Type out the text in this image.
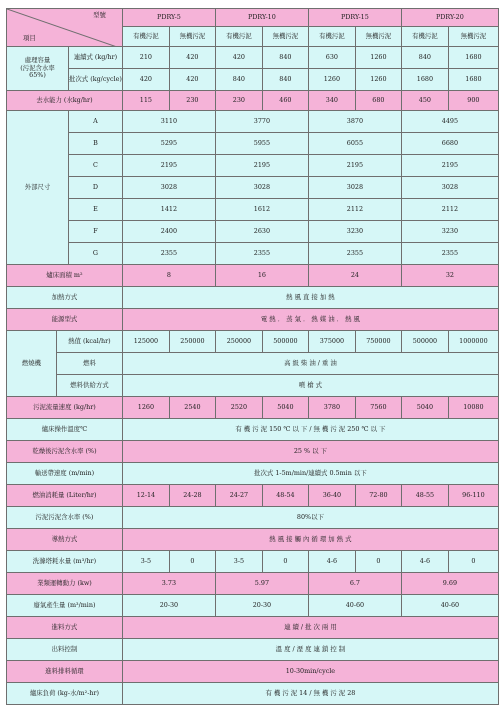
型號
項目			PDRY-5		PDRY-10		PDRY-15		PDRY-20	
			有機污泥	無機污泥	有機污泥	無機污泥	有機污泥	無機污泥	有機污泥	無機污泥
處理容量
(污泥含水率
65%)		連續式 (kg/hr)	210	420	420	840	630	1260	840	1680
		批次式 (kg/cycle)	420	420	840	840	1260	1260	1680	1680
去水能力 (水kg/hr)			115	230	230	460	340	680	450	900
外部尺寸		A	3110		3770		3870		4495	
		B	5295		5955		6055		6680	
		C	2195		2195		2195		2195	
		D	3028		3028		3028		3028	
		E	1412		1612		2112		2112	
		F	2400		2630		3230		3230	
		G	2355		2355		2355		2355	
爐床面積 m²			8		16		24		32	
加熱方式			熱 風 直 接 加 熱							
能源型式			電 熱 ． 蒸 氣 ． 熱 媒 油 ． 熱 風							
燃燒機	熱值 (kcal/hr)		125000	250000	250000	500000	375000	750000	500000	1000000
	燃料		高 級 柴 油 / 重 油							
	燃料供給方式		噴 槍 式							
污泥流量速度 (kg/hr)			1260	2540	2520	5040	3780	7560	5040	10080
爐床操作溫度℃			有 機 污 泥 150 ℃ 以 下 / 無 機 污 泥 250 ℃ 以 下							
乾燥後污泥含水率 (%)			25 % 以 下							
輸送帶速度 (m/min)			批次式 1-5m/min/連續式 0.5min 以下							
燃油消耗量 (Liter/hr)			12-14	24-28	24-27	48-54	36-40	72-80	48-55	96-110
污泥污泥含水率 (%)			80%以下							
導熱方式			熱 風 接 觸 內 循 環 加 熱 式							
洗滌塔耗水量 (m³/hr)			3-5	0	3-5	0	4-6	0	4-6	0
業類運轉動力 (kw)			3.73		5.97		6.7		9.69	
廢氣產生量 (m³/min)			20-30		20-30		40-60		40-60	
進料方式			連 續 / 批 次 兩 用							
出料控制			溫 度 / 溼 度 連 鎖 控 制							
進料排料循環			10-30min/cycle							
爐床負荷 (kg-水/m²-hr)			有 機 污 泥 14 / 無 機 污 泥 28							
